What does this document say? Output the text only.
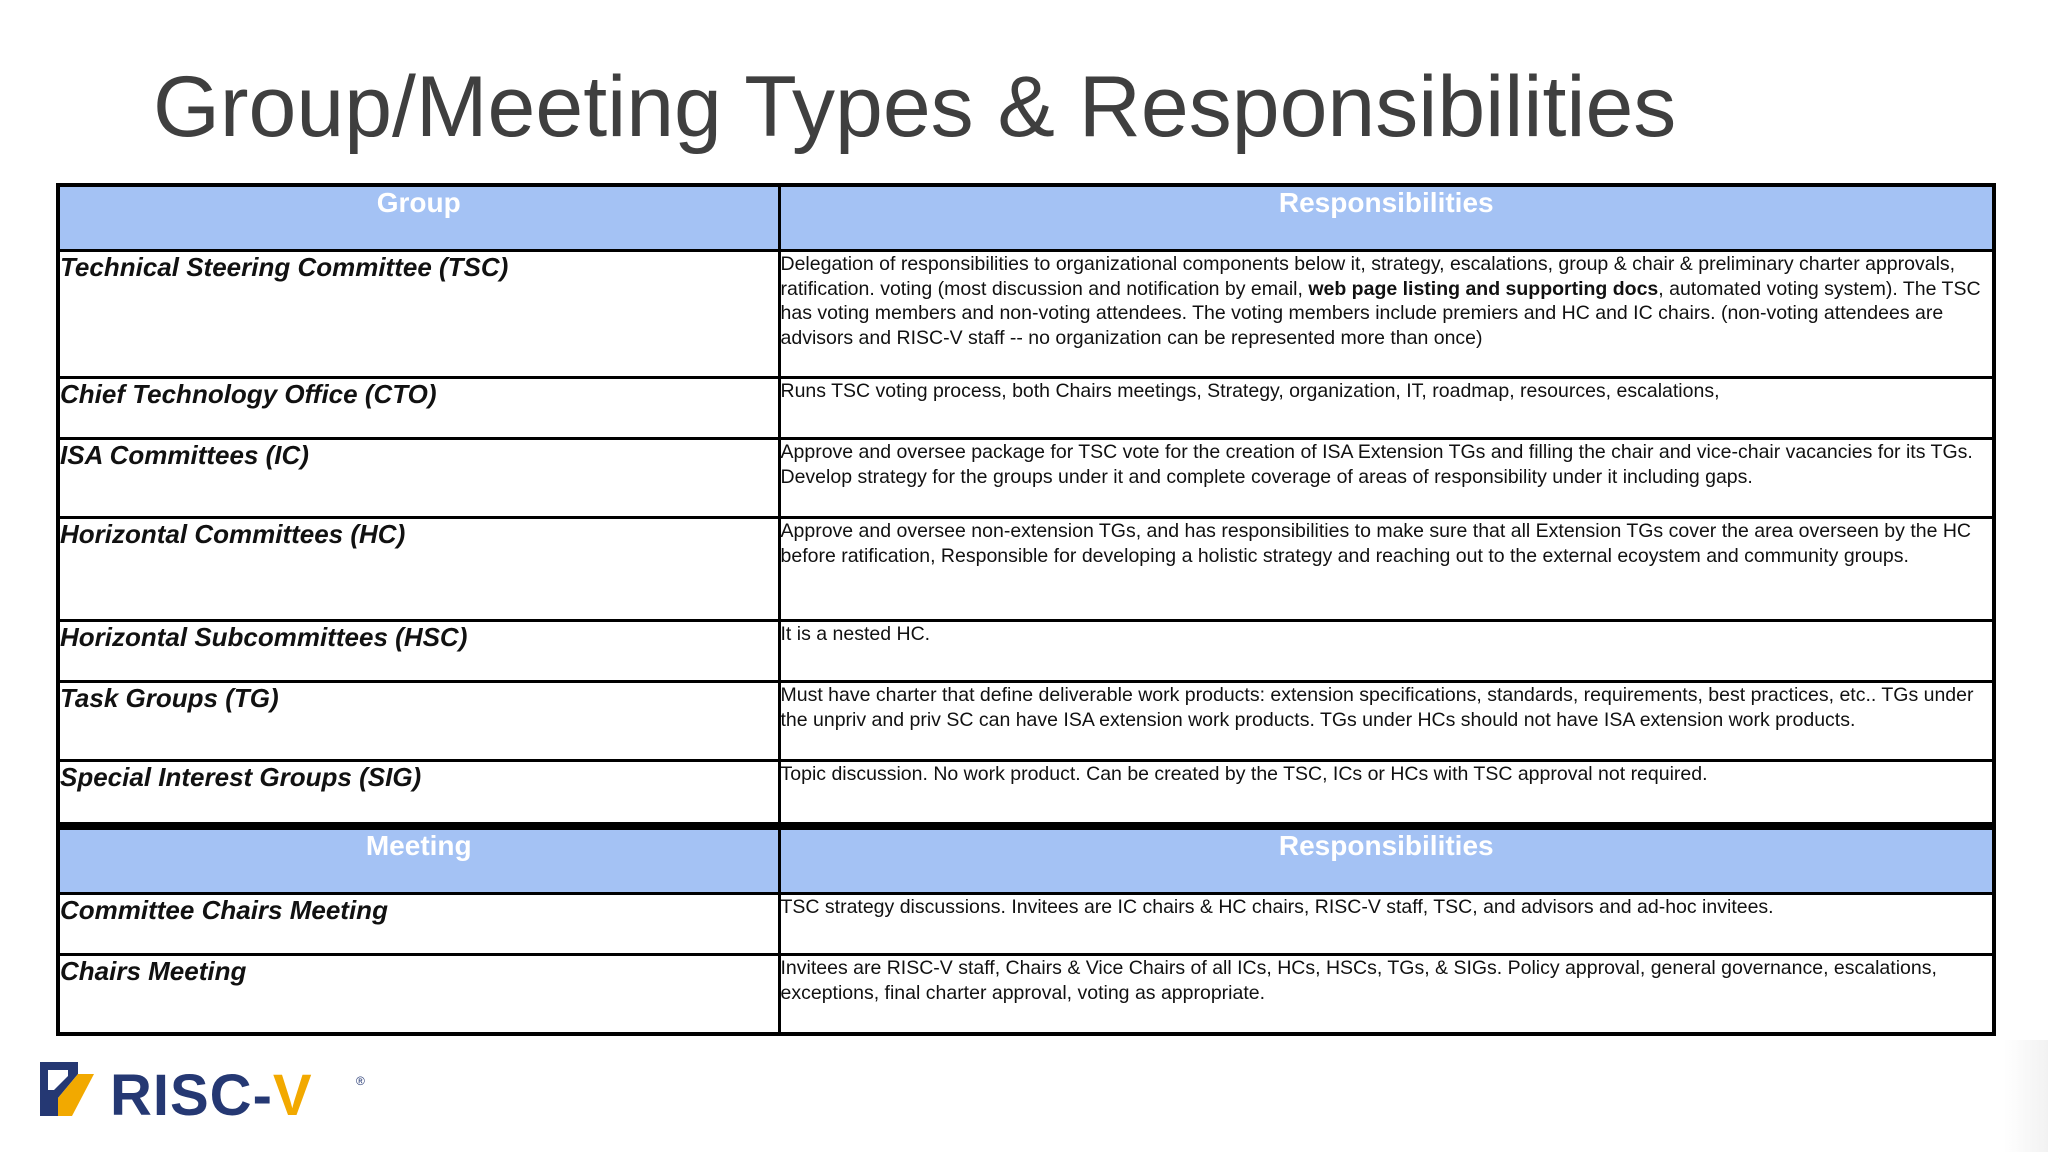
Group/Meeting Types & Responsibilities
Group	Responsibilities
Technical Steering Committee (TSC)	Delegation of responsibilities to organizational components below it, strategy, escalations, group & chair & preliminary charter approvals, ratification. voting (most discussion and notification by email, web page listing and supporting docs, automated voting system). The TSC has voting members and non-voting attendees. The voting members include premiers and HC and IC chairs. (non-voting attendees are advisors and RISC-V staff -- no organization can be represented more than once)
Chief Technology Office (CTO)	Runs TSC voting process, both Chairs meetings, Strategy, organization, IT, roadmap, resources, escalations,
ISA Committees (IC)	Approve and oversee package for TSC vote for the creation of ISA Extension TGs and filling the chair and vice-chair vacancies for its TGs. Develop strategy for the groups under it and complete coverage of areas of responsibility under it including gaps.
Horizontal Committees (HC)	Approve and oversee non-extension TGs, and has responsibilities to make sure that all Extension TGs cover the area overseen by the HC before ratification, Responsible for developing a holistic strategy and reaching out to the external ecoystem and community groups.
Horizontal Subcommittees (HSC)	It is a nested HC.
Task Groups (TG)	Must have charter that define deliverable work products: extension specifications, standards, requirements, best practices, etc.. TGs under the unpriv and priv SC can have ISA extension work products. TGs under HCs should not have ISA extension work products.
Special Interest Groups (SIG)	Topic discussion. No work product. Can be created by the TSC, ICs or HCs with TSC approval not required.
Meeting	Responsibilities
Committee Chairs Meeting	TSC strategy discussions. Invitees are IC chairs & HC chairs, RISC-V staff, TSC, and advisors and ad-hoc invitees.
Chairs Meeting	Invitees are RISC-V staff, Chairs & Vice Chairs of all ICs, HCs, HSCs, TGs, & SIGs. Policy approval, general governance, escalations, exceptions, final charter approval, voting as appropriate.
RISC-V	®
